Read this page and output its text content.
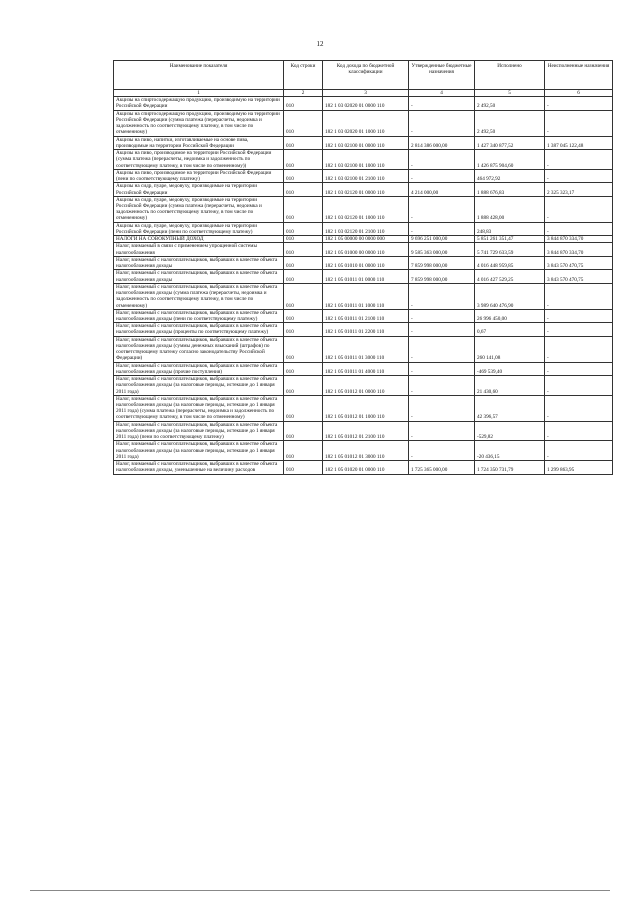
12
Наименование показателя	Код строки	Код дохода по бюджетной классификации	Утвержденные бюджетные назначения	Исполнено	Неисполненные назначения
1	2	3	4	5	6
Акцизы на спиртосодержащую продукцию, производимую на территории Российской Федерации	010	182 1 03 02020 01 0000 110	-	2 492,50	-
Акцизы на спиртосодержащую продукцию, производимую на территории Российской Федерации (сумма платежа (перерасчеты, недоимка и задолженность по соответствующему платежу, в том числе по отмененному)	010	182 1 03 02020 01 1000 110	-	2 492,50	-
Акцизы на пиво, напитки, изготавливаемые на основе пива, производимые на территории Российской Федерации	010	182 1 03 02100 01 0000 110	2 814 386 000,00	1 427 340 877,52	1 387 045 122,48
Акцизы на пиво, производимое на территории Российской Федерации (сумма платежа (перерасчеты, недоимка и задолженность по соответствующему платежу, в том числе по отмененному))	010	182 1 03 02100 01 1000 110	-	1 426 875 904,60	-
Акцизы на пиво, производимое на территории Российской Федерации (пени по соответствующему платежу)	010	182 1 03 02100 01 2100 110	-	464 972,92	-
Акцизы на сидр, пуаре, медовуху, производимые на территории Российской Федерации	010	182 1 03 02120 01 0000 110	4 214 000,00	1 888 676,83	2 325 323,17
Акцизы на сидр, пуаре, медовуху, производимые на территории Российской Федерации (сумма платежа (перерасчеты, недоимка и задолженность по соответствующему платежу, в том числе по отмененному)	010	182 1 03 02120 01 1000 110	-	1 888 428,00	-
Акцизы на сидр, пуаре, медовуху, производимые на территории Российской Федерации (пени по соответствующему платежу)	010	182 1 03 02120 01 2100 110	-	248,83	-
НАЛОГИ НА СОВОКУПНЫЙ ДОХОД	010	182 1 05 00000 00 0000 000	9 696 251 000,00	5 851 261 351,47	3 844 870 334,70
Налог, взимаемый в связи с применением упрощенной системы налогообложения	010	182 1 05 01000 00 0000 110	9 585 363 000,00	5 741 729 633,59	3 844 870 334,70
Налог, взимаемый с налогоплательщиков, выбравших в качестве объекта налогообложения доходы	010	182 1 05 01010 01 0000 110	7 859 998 000,00	4 016 448 959,85	3 843 570 470,75
Налог, взимаемый с налогоплательщиков, выбравших в качестве объекта налогообложения доходы	010	182 1 05 01011 01 0000 110	7 859 998 000,00	4 016 427 529,25	3 843 570 470,75
Налог, взимаемый с налогоплательщиков, выбравших в качестве объекта налогообложения доходы (сумма платежа (перерасчеты, недоимка и задолженность по соответствующему платежу, в том числе по отмененному)	010	182 1 05 01011 01 1000 110	-	3 989 640 476,90	-
Налог, взимаемый с налогоплательщиков, выбравших в качестве объекта налогообложения доходы (пени по соответствующему платежу)	010	182 1 05 01011 01 2100 110	-	26 996 450,00	-
Налог, взимаемый с налогоплательщиков, выбравших в качестве объекта налогообложения доходы (проценты по соответствующему платежу)	010	182 1 05 01011 01 2200 110	-	0,67	-
Налог, взимаемый с налогоплательщиков, выбравших в качестве объекта налогообложения доходы (суммы денежных взысканий (штрафов) по соответствующему платежу согласно законодательству Российской Федерации)	010	182 1 05 01011 01 3000 110	-	260 141,08	-
Налог, взимаемый с налогоплательщиков, выбравших в качестве объекта налогообложения доходы (прочие поступления)	010	182 1 05 01011 01 4000 110	-	-469 539,40	-
Налог, взимаемый с налогоплательщиков, выбравших в качестве объекта налогообложения доходы (за налоговые периоды, истекшие до 1 января 2011 года)	010	182 1 05 01012 01 0000 110	-	21 430,60	-
Налог, взимаемый с налогоплательщиков, выбравших в качестве объекта налогообложения доходы (за налоговые периоды, истекшие до 1 января 2011 года) (сумма платежа (перерасчеты, недоимка и задолженность по соответствующему платежу, в том числе по отмененному)	010	182 1 05 01012 01 1000 110	-	42 396,57	-
Налог, взимаемый с налогоплательщиков, выбравших в качестве объекта налогообложения доходы (за налоговые периоды, истекшие до 1 января 2011 года) (пени по соответствующему платежу)	010	182 1 05 01012 01 2100 110	-	-529,82	-
Налог, взимаемый с налогоплательщиков, выбравших в качестве объекта налогообложения доходы (за налоговые периоды, истекшие до 1 января 2011 года)	010	182 1 05 01012 01 3000 110	-	-20 436,15	-
Налог, взимаемый с налогоплательщиков, выбравших в качестве объекта налогообложения доходы, уменьшенные на величину расходов	010	182 1 05 01020 01 0000 110	1 725 365 000,00	1 724 350 731,79	1 299 863,95
